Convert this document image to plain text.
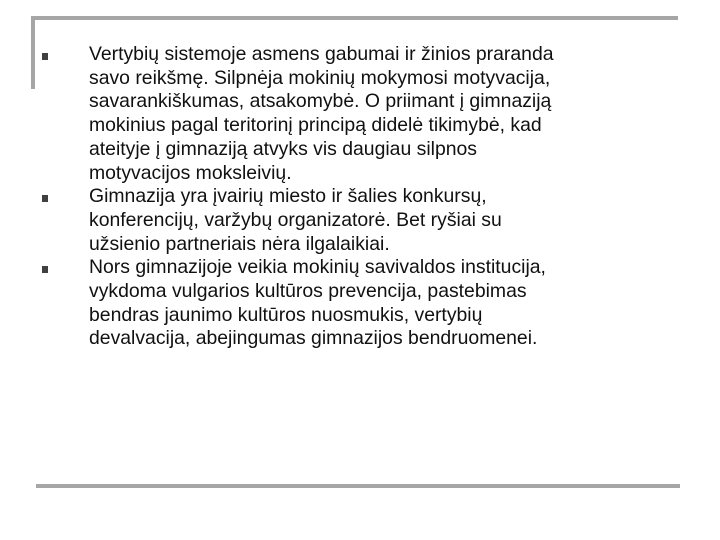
Vertybių sistemoje asmens gabumai ir žinios praranda
savo reikšmę. Silpnėja mokinių mokymosi motyvacija,
savarankiškumas, atsakomybė. O priimant į gimnaziją
mokinius pagal teritorinį principą didelė tikimybė, kad
ateityje į gimnaziją atvyks vis daugiau silpnos
motyvacijos moksleivių.
Gimnazija yra įvairių miesto ir šalies konkursų,
konferencijų, varžybų organizatorė. Bet ryšiai su
užsienio partneriais nėra ilgalaikiai.
Nors gimnazijoje veikia mokinių savivaldos institucija,
vykdoma vulgarios kultūros prevencija, pastebimas
bendras jaunimo kultūros nuosmukis, vertybių
devalvacija, abejingumas gimnazijos bendruomenei.
